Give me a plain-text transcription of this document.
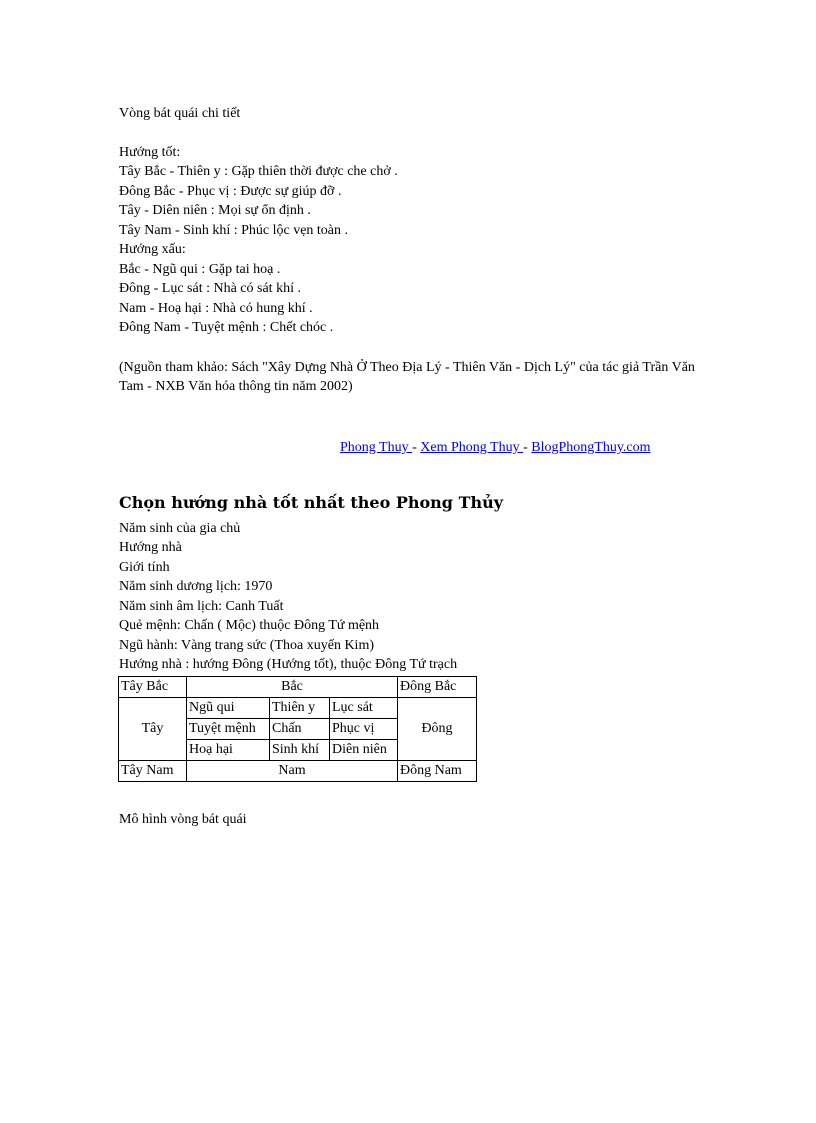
Vòng bát quái chi tiết
Hướng tốt:
Tây Bắc - Thiên y : Gặp thiên thời được che chở .
Đông Bắc - Phục vị : Được sự giúp đỡ .
Tây - Diên niên : Mọi sự ổn định .
Tây Nam - Sinh khí : Phúc lộc vẹn toàn .
Hướng xấu:
Bắc - Ngũ qui : Gặp tai hoạ .
Đông - Lục sát : Nhà có sát khí .
Nam - Hoạ hại : Nhà có hung khí .
Đông Nam - Tuyệt mệnh : Chết chóc .
(Nguồn tham khảo: Sách "Xây Dựng Nhà Ở Theo Địa Lý - Thiên Văn - Dịch Lý" của tác giả Trần Văn Tam - NXB Văn hóa thông tin năm 2002)
Phong Thuy - Xem Phong Thuy - BlogPhongThuy.com
Chọn hướng nhà tốt nhất theo Phong Thủy
Năm sinh của gia chủ
Hướng nhà
Giới tính
Năm sinh dương lịch: 1970
Năm sinh âm lịch: Canh Tuất
Quẻ mệnh: Chấn ( Mộc) thuộc Đông Tứ mệnh
Ngũ hành: Vàng trang sức (Thoa xuyến Kim)
Hướng nhà : hướng Đông (Hướng tốt), thuộc Đông Tứ trạch
Tây Bắc	Bắc			Đông Bắc
Tây	Ngũ qui	Thiên y	Lục sát	Đông
	Tuyệt mệnh	Chấn	Phục vị	
	Hoạ hại	Sinh khí	Diên niên	
Tây Nam	Nam			Đông Nam
Mô hình vòng bát quái
